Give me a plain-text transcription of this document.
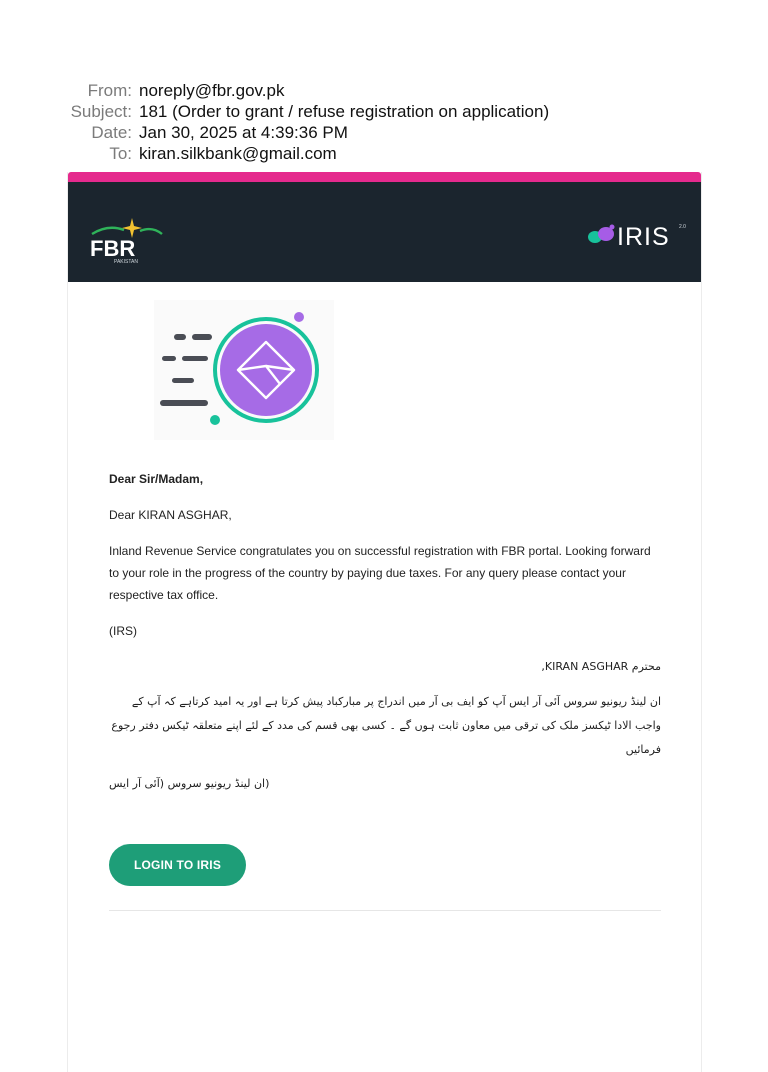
From: noreply@fbr.gov.pk
Subject: 181 (Order to grant / refuse registration on application)
Date: Jan 30, 2025 at 4:39:36 PM
To: kiran.silkbank@gmail.com
FBR
PAKISTAN
IRIS 2.0
Dear Sir/Madam,
Dear KIRAN ASGHAR,
Inland Revenue Service congratulates you on successful registration with FBR portal. Looking forward to your role in the progress of the country by paying due taxes. For any query please contact your respective tax office.
(IRS)
محترم KIRAN ASGHAR,
ان لینڈ ریونیو سروس آئی آر ایس آپ کو ایف بی آر میں اندراج پر مبارکباد پیش کرتا ہے اور یہ امید کرتاہے کہ آپ کے واجب الادا ٹیکسز ملک کی ترقی میں معاون ثابت ہوں گے ۔ کسی بھی قسم کی مدد کے لئے اپنے متعلقہ ٹیکس دفتر رجوع فرمائیں
(ان لینڈ ریونیو سروس (آئی آر ایس
LOGIN TO IRIS
